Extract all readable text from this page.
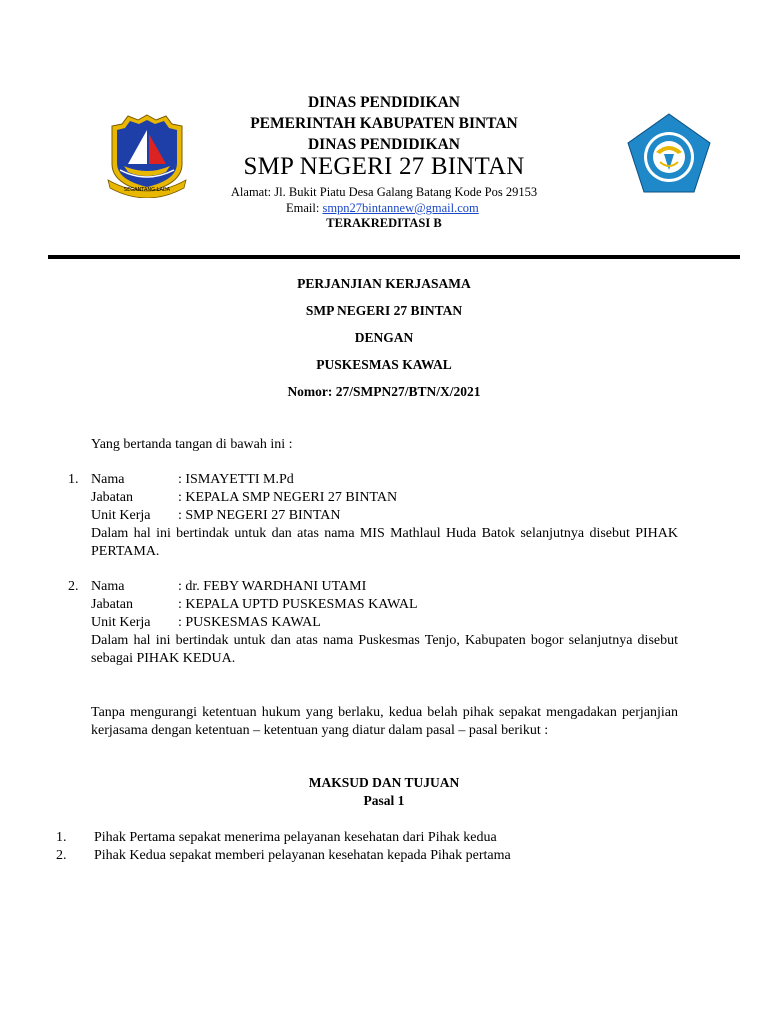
SEGANTANG LADA
DINAS PENDIDIKAN
PEMERINTAH KABUPATEN BINTAN
DINAS PENDIDIKAN
SMP NEGERI 27 BINTAN
Alamat: Jl. Bukit Piatu Desa Galang Batang Kode Pos 29153
Email: smpn27bintannew@gmail.com
TERAKREDITASI B
PERJANJIAN KERJASAMA
SMP NEGERI 27 BINTAN
DENGAN
PUSKESMAS KAWAL
Nomor: 27/SMPN27/BTN/X/2021
Yang bertanda tangan di bawah ini :
1. Nama	: ISMAYETTI M.Pd
Jabatan	: KEPALA SMP NEGERI 27 BINTAN
Unit Kerja : SMP NEGERI 27 BINTAN
Dalam hal ini bertindak untuk dan atas nama MIS Mathlaul Huda Batok selanjutnya disebut PIHAK PERTAMA.
2. Nama	: dr. FEBY WARDHANI UTAMI
Jabatan	: KEPALA UPTD PUSKESMAS KAWAL
Unit Kerja : PUSKESMAS KAWAL
Dalam hal ini bertindak untuk dan atas nama Puskesmas Tenjo, Kabupaten bogor selanjutnya disebut sebagai PIHAK KEDUA.
Tanpa mengurangi ketentuan hukum yang berlaku, kedua belah pihak sepakat mengadakan perjanjian kerjasama dengan ketentuan – ketentuan yang diatur dalam pasal – pasal berikut :
MAKSUD DAN TUJUAN
Pasal 1
1. Pihak Pertama sepakat menerima pelayanan kesehatan dari Pihak kedua
2. Pihak Kedua sepakat memberi pelayanan kesehatan kepada Pihak pertama
